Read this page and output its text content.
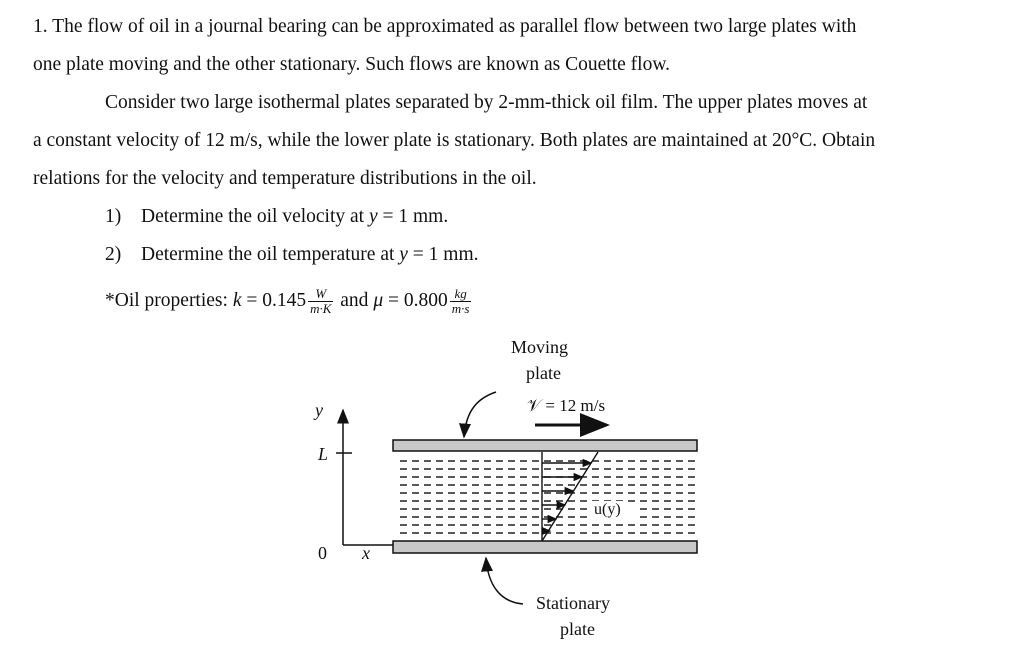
1. The flow of oil in a journal bearing can be approximated as parallel flow between two large plates with
one plate moving and the other stationary. Such flows are known as Couette flow.
Consider two large isothermal plates separated by 2-mm-thick oil film. The upper plates moves at
a constant velocity of 12 m/s, while the lower plate is stationary. Both plates are maintained at 20°C. Obtain
relations for the velocity and temperature distributions in the oil.
1) Determine the oil velocity at y = 1 mm.
2) Determine the oil temperature at y = 1 mm.
*Oil properties: $k = 0.145 \frac{W}{m\cdot K}$ and $\mu = 0.800 \frac{kg}{m\cdot s}$
Moving
plate
𝒱 = 12 m/s
y
L
0 x
u(y)
Stationary
plate
